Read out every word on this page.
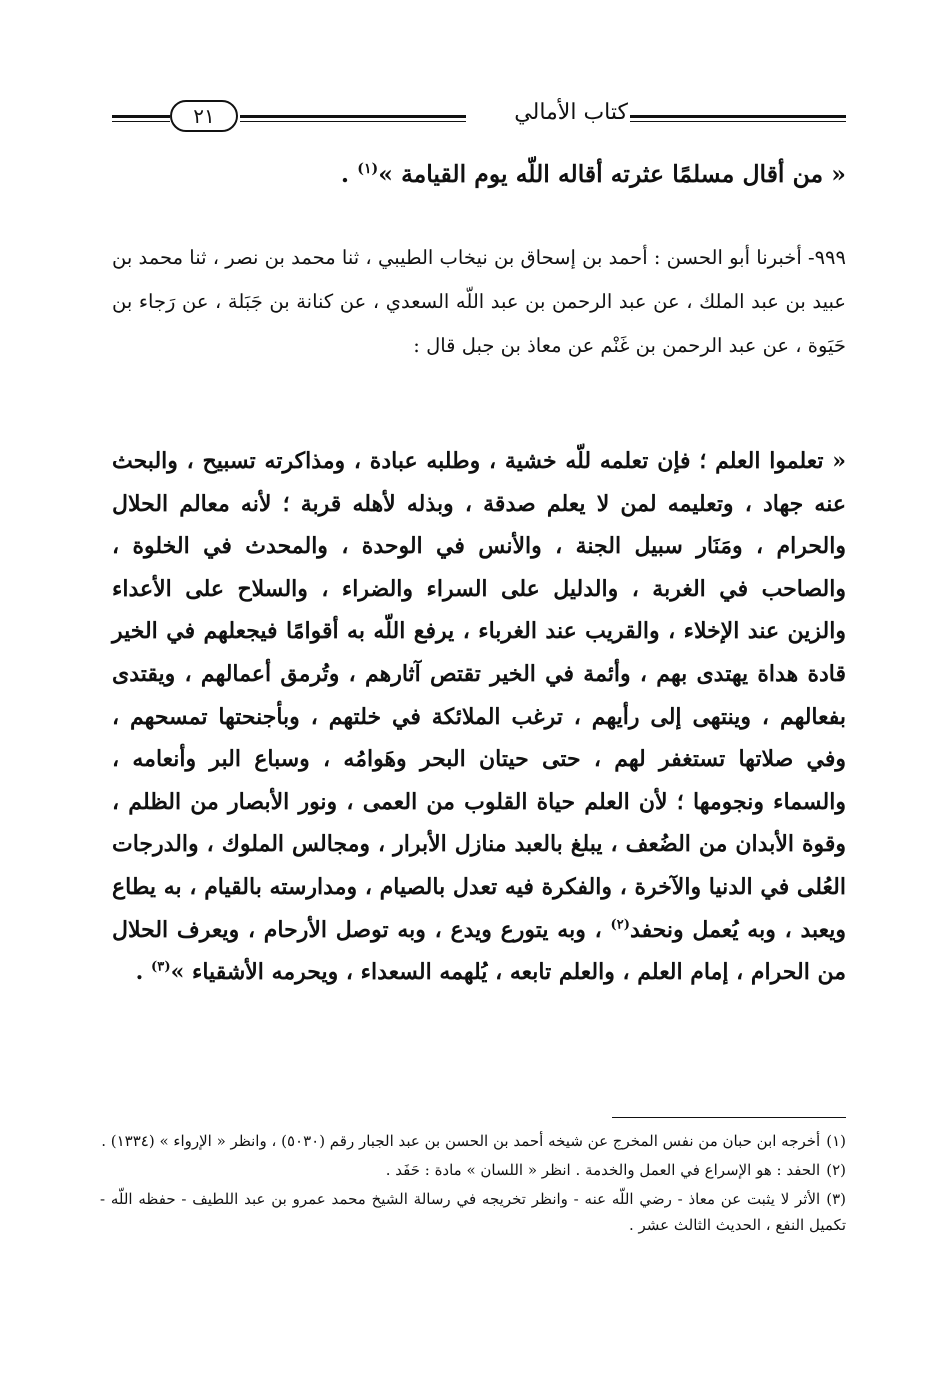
كتاب الأمالي
٢١
« من أقال مسلمًا عثرته أقاله اللّه يوم القيامة »$^{(١)}$ .
٩٩٩- أخبرنا أبو الحسن : أحمد بن إسحاق بن نيخاب الطيبي ، ثنا محمد بن نصر ، ثنا محمد بن عبيد بن عبد الملك ، عن عبد الرحمن بن عبد اللّه السعدي ، عن كنانة بن جَبَلة ، عن رَجاء بن حَيَوة ، عن عبد الرحمن بن غَنْم عن معاذ بن جبل قال :
« تعلموا العلم ؛ فإن تعلمه للّه خشية ، وطلبه عبادة ، ومذاكرته تسبيح ، والبحث عنه جهاد ، وتعليمه لمن لا يعلم صدقة ، وبذله لأهله قربة ؛ لأنه معالم الحلال والحرام ، ومَنَار سبيل الجنة ، والأنس في الوحدة ، والمحدث في الخلوة ، والصاحب في الغربة ، والدليل على السراء والضراء ، والسلاح على الأعداء والزين عند الإخلاء ، والقريب عند الغرباء ، يرفع اللّه به أقوامًا فيجعلهم في الخير قادة هداة يهتدى بهم ، وأئمة في الخير تقتص آثارهم ، وتُرمق أعمالهم ، ويقتدى بفعالهم ، وينتهى إلى رأيهم ، ترغب الملائكة في خلتهم ، وبأجنحتها تمسحهم ، وفي صلاتها تستغفر لهم ، حتى حيتان البحر وهَوامُه ، وسباع البر وأنعامه ، والسماء ونجومها ؛ لأن العلم حياة القلوب من العمى ، ونور الأبصار من الظلم ، وقوة الأبدان من الضُعف ، يبلغ بالعبد منازل الأبرار ، ومجالس الملوك ، والدرجات العُلى في الدنيا والآخرة ، والفكرة فيه تعدل بالصيام ، ومدارسته بالقيام ، به يطاع ويعبد ، وبه يُعمل ونحفد$^{(٢)}$ ، وبه يتورع ويدع ، وبه توصل الأرحام ، ويعرف الحلال من الحرام ، إمام العلم ، والعلم تابعه ، يُلهمه السعداء ، ويحرمه الأشقياء »$^{(٣)}$ .

(١)أخرجه ابن حبان من نفس المخرج عن شيخه أحمد بن الحسن بن عبد الجبار رقم (٥٠٣٠) ، وانظر « الإرواء » (١٣٣٤) .

(٢)الحفد : هو الإسراع في العمل والخدمة . انظر « اللسان » مادة : حَفَد .

(٣)الأثر لا يثبت عن معاذ - رضي اللّه عنه - وانظر تخريجه في رسالة الشيخ محمد عمرو بن عبد اللطيف - حفظه اللّه - تكميل النفع ، الحديث الثالث عشر .
